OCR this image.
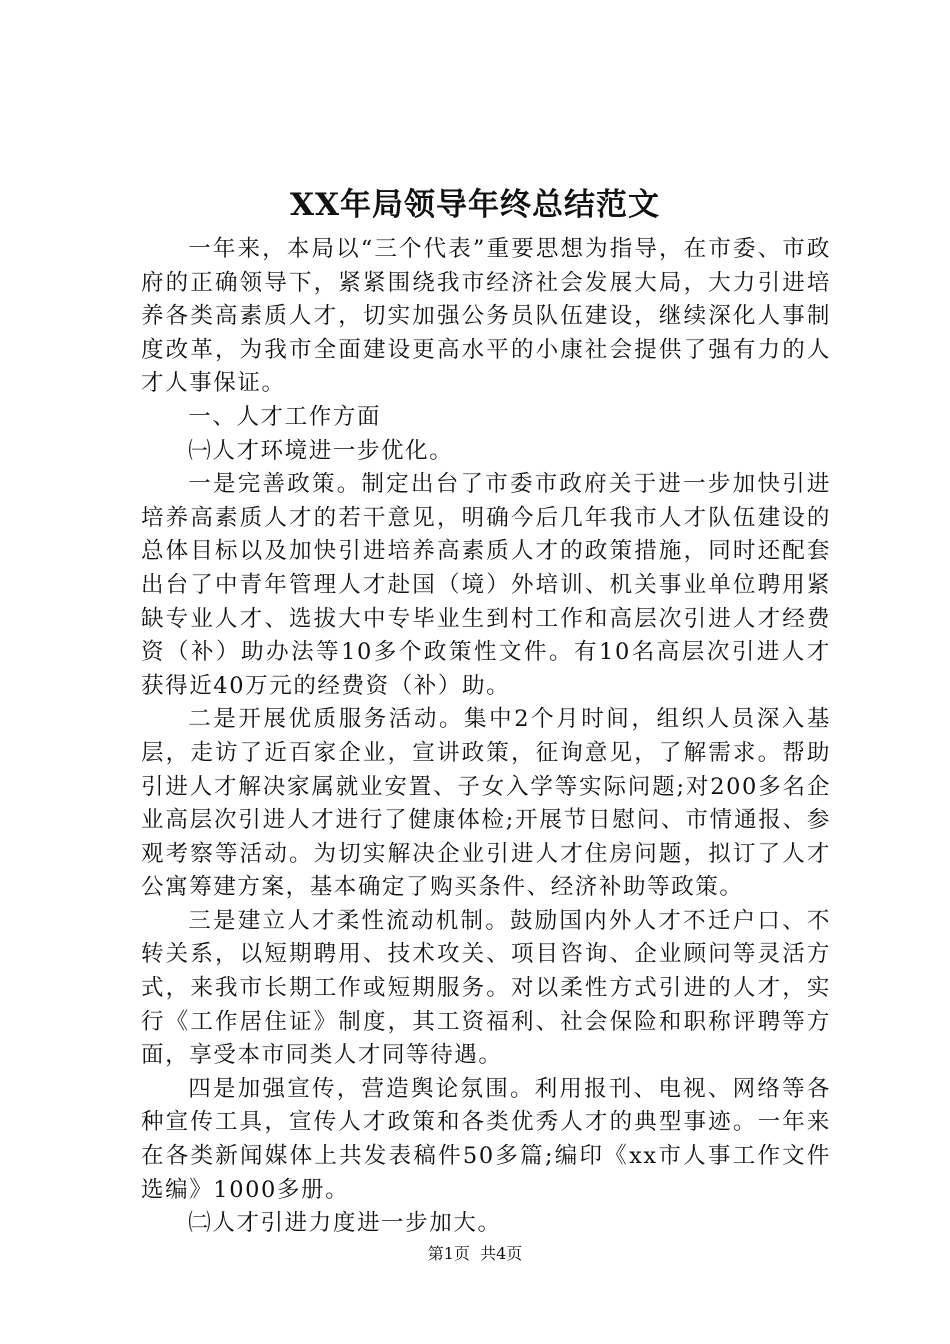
XX年局领导年终总结范文

一年来，本局以“三个代表”重要思想为指导，在市委、市政府的正确领导下，紧紧围绕我市经济社会发展大局，大力引进培养各类高素质人才，切实加强公务员队伍建设，继续深化人事制度改革，为我市全面建设更高水平的小康社会提供了强有力的人才人事保证。

一、人才工作方面

㈠人才环境进一步优化。

一是完善政策。制定出台了市委市政府关于进一步加快引进培养高素质人才的若干意见，明确今后几年我市人才队伍建设的总体目标以及加快引进培养高素质人才的政策措施，同时还配套出台了中青年管理人才赴国（境）外培训、机关事业单位聘用紧缺专业人才、选拔大中专毕业生到村工作和高层次引进人才经费资（补）助办法等10多个政策性文件。有10名高层次引进人才获得近40万元的经费资（补）助。

二是开展优质服务活动。集中2个月时间，组织人员深入基层，走访了近百家企业，宣讲政策，征询意见，了解需求。帮助引进人才解决家属就业安置、子女入学等实际问题;对200多名企业高层次引进人才进行了健康体检;开展节日慰问、市情通报、参观考察等活动。为切实解决企业引进人才住房问题，拟订了人才公寓筹建方案，基本确定了购买条件、经济补助等政策。

三是建立人才柔性流动机制。鼓励国内外人才不迁户口、不转关系，以短期聘用、技术攻关、项目咨询、企业顾问等灵活方式，来我市长期工作或短期服务。对以柔性方式引进的人才，实行《工作居住证》制度，其工资福利、社会保险和职称评聘等方面，享受本市同类人才同等待遇。

四是加强宣传，营造舆论氛围。利用报刊、电视、网络等各种宣传工具，宣传人才政策和各类优秀人才的典型事迹。一年来在各类新闻媒体上共发表稿件50多篇;编印《xx市人事工作文件选编》1000多册。

㈡人才引进力度进一步加大。

第1页  共4页
